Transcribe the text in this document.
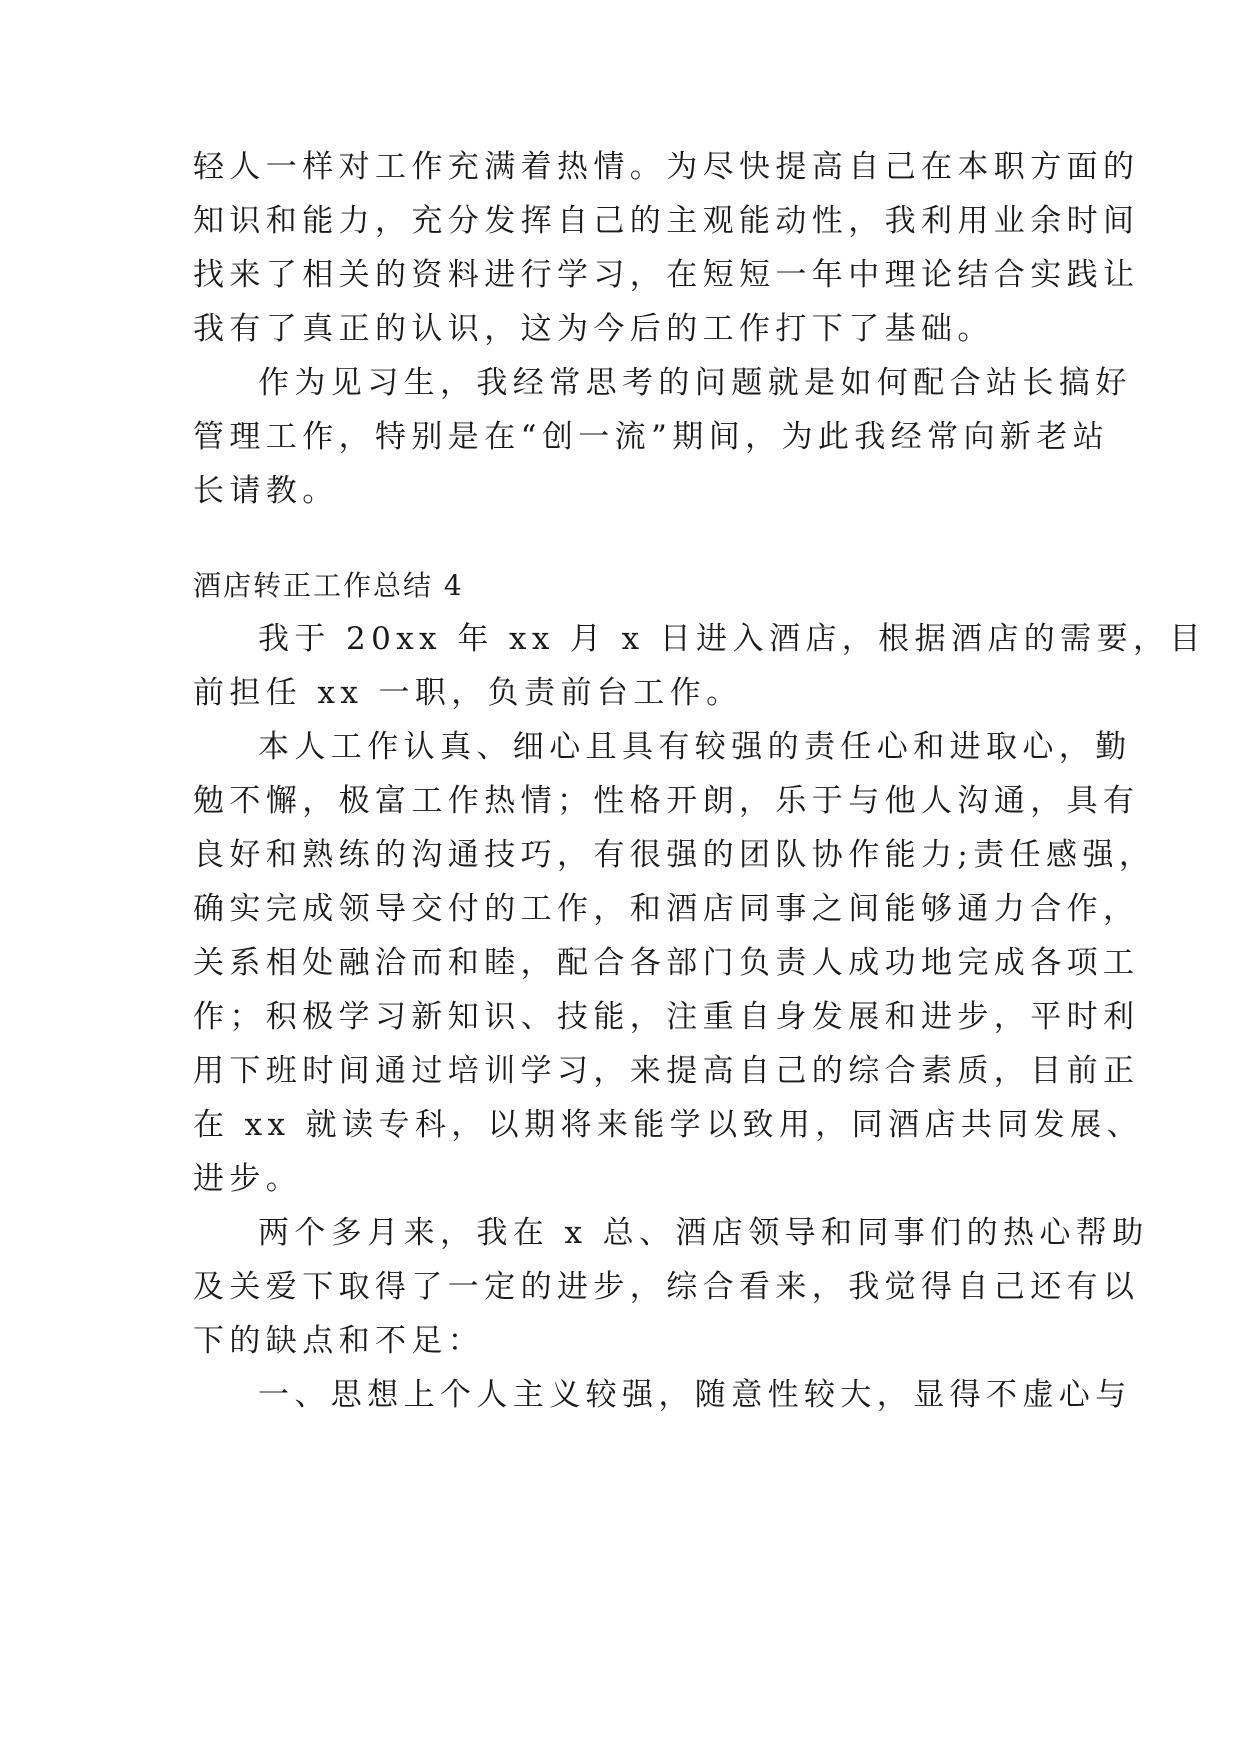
轻人一样对工作充满着热情。为尽快提高自己在本职方面的
知识和能力，充分发挥自己的主观能动性，我利用业余时间
找来了相关的资料进行学习，在短短一年中理论结合实践让
我有了真正的认识，这为今后的工作打下了基础。
作为见习生，我经常思考的问题就是如何配合站长搞好
管理工作，特别是在“创一流”期间，为此我经常向新老站
长请教。
酒店转正工作总结 4
我于 20xx 年 xx 月 x 日进入酒店，根据酒店的需要，目
前担任 xx 一职，负责前台工作。
本人工作认真、细心且具有较强的责任心和进取心，勤
勉不懈，极富工作热情；性格开朗，乐于与他人沟通，具有
良好和熟练的沟通技巧，有很强的团队协作能力;责任感强，
确实完成领导交付的工作，和酒店同事之间能够通力合作，
关系相处融洽而和睦，配合各部门负责人成功地完成各项工
作；积极学习新知识、技能，注重自身发展和进步，平时利
用下班时间通过培训学习，来提高自己的综合素质，目前正
在 xx 就读专科，以期将来能学以致用，同酒店共同发展、
进步。
两个多月来，我在 x 总、酒店领导和同事们的热心帮助
及关爱下取得了一定的进步，综合看来，我觉得自己还有以
下的缺点和不足：
一、思想上个人主义较强，随意性较大，显得不虚心与
